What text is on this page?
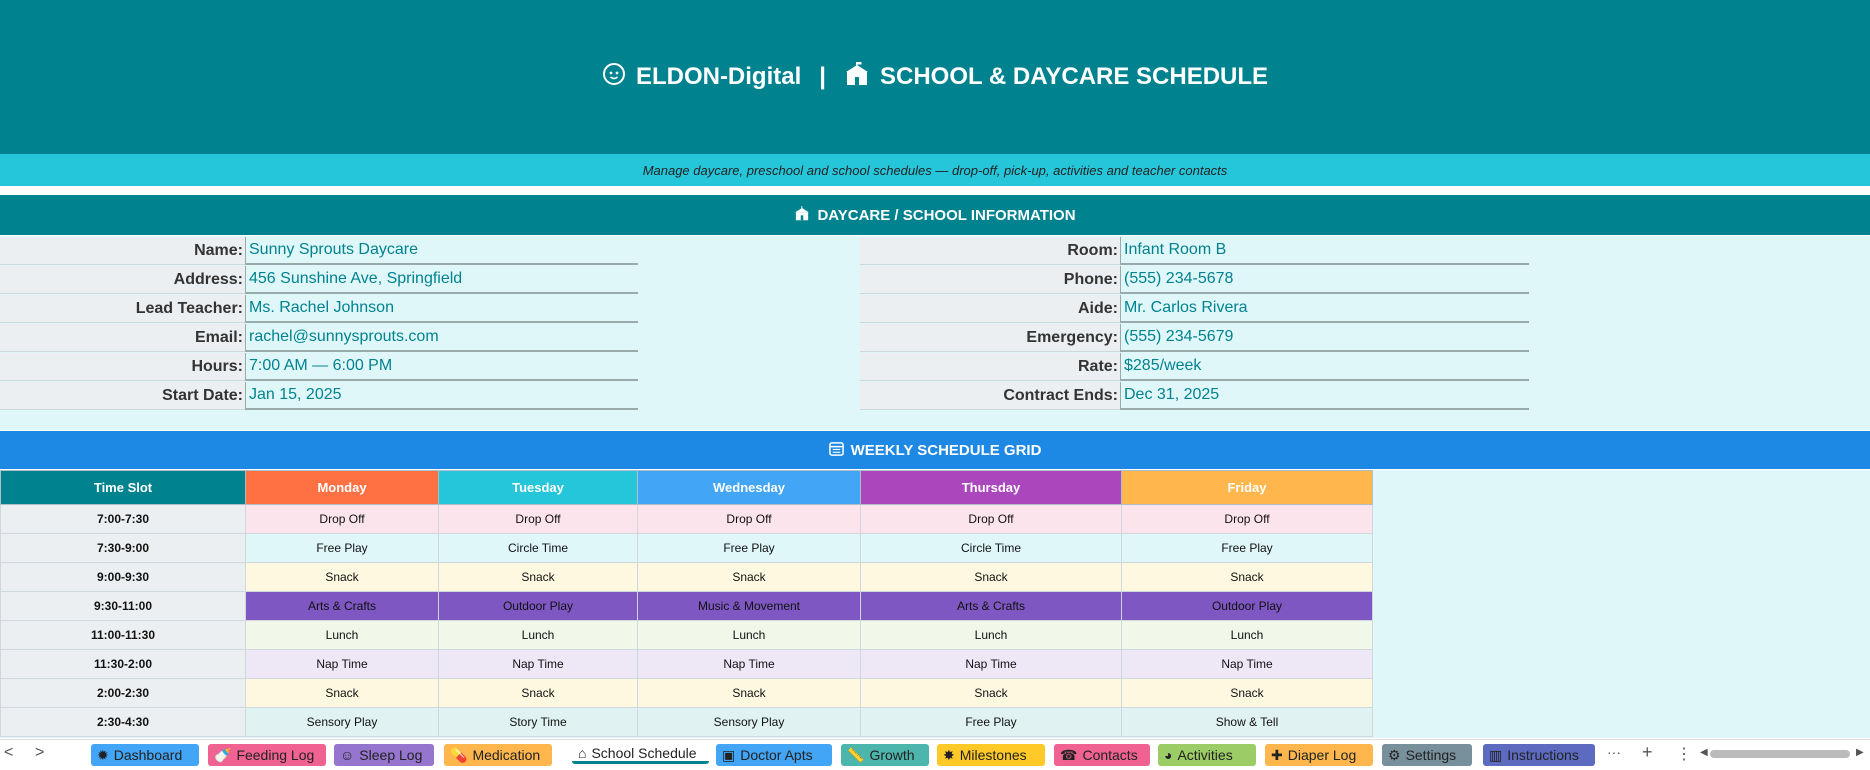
ELDON-Digital | SCHOOL & DAYCARE SCHEDULE
Manage daycare, preschool and school schedules — drop-off, pick-up, activities and teacher contacts
DAYCARE / SCHOOL INFORMATION
Name: Sunny Sprouts Daycare
Address: 456 Sunshine Ave, Springfield
Lead Teacher: Ms. Rachel Johnson
Email: rachel@sunnysprouts.com
Hours: 7:00 AM — 6:00 PM
Start Date: Jan 15, 2025
Room: Infant Room B
Phone: (555) 234-5678
Aide: Mr. Carlos Rivera
Emergency: (555) 234-5679
Rate: $285/week
Contract Ends: Dec 31, 2025
WEEKLY SCHEDULE GRID
Time Slot	Monday	Tuesday	Wednesday	Thursday	Friday
7:00-7:30	Drop Off	Drop Off	Drop Off	Drop Off	Drop Off
7:30-9:00	Free Play	Circle Time	Free Play	Circle Time	Free Play
9:00-9:30	Snack	Snack	Snack	Snack	Snack
9:30-11:00	Arts & Crafts	Outdoor Play	Music & Movement	Arts & Crafts	Outdoor Play
11:00-11:30	Lunch	Lunch	Lunch	Lunch	Lunch
11:30-2:00	Nap Time	Nap Time	Nap Time	Nap Time	Nap Time
2:00-2:30	Snack	Snack	Snack	Snack	Snack
2:30-4:30	Sensory Play	Story Time	Sensory Play	Free Play	Show & Tell
< >	··· + ⋮ ◀	▶
✹ Dashboard	🍼 Feeding Log	☺ Sleep Log	💊 Medication	⌂ School Schedule	▣ Doctor Apts	📏 Growth	✸ Milestones	☎ Contacts	◕ Activities	✚ Diaper Log	⚙ Settings	▥ Instructions
